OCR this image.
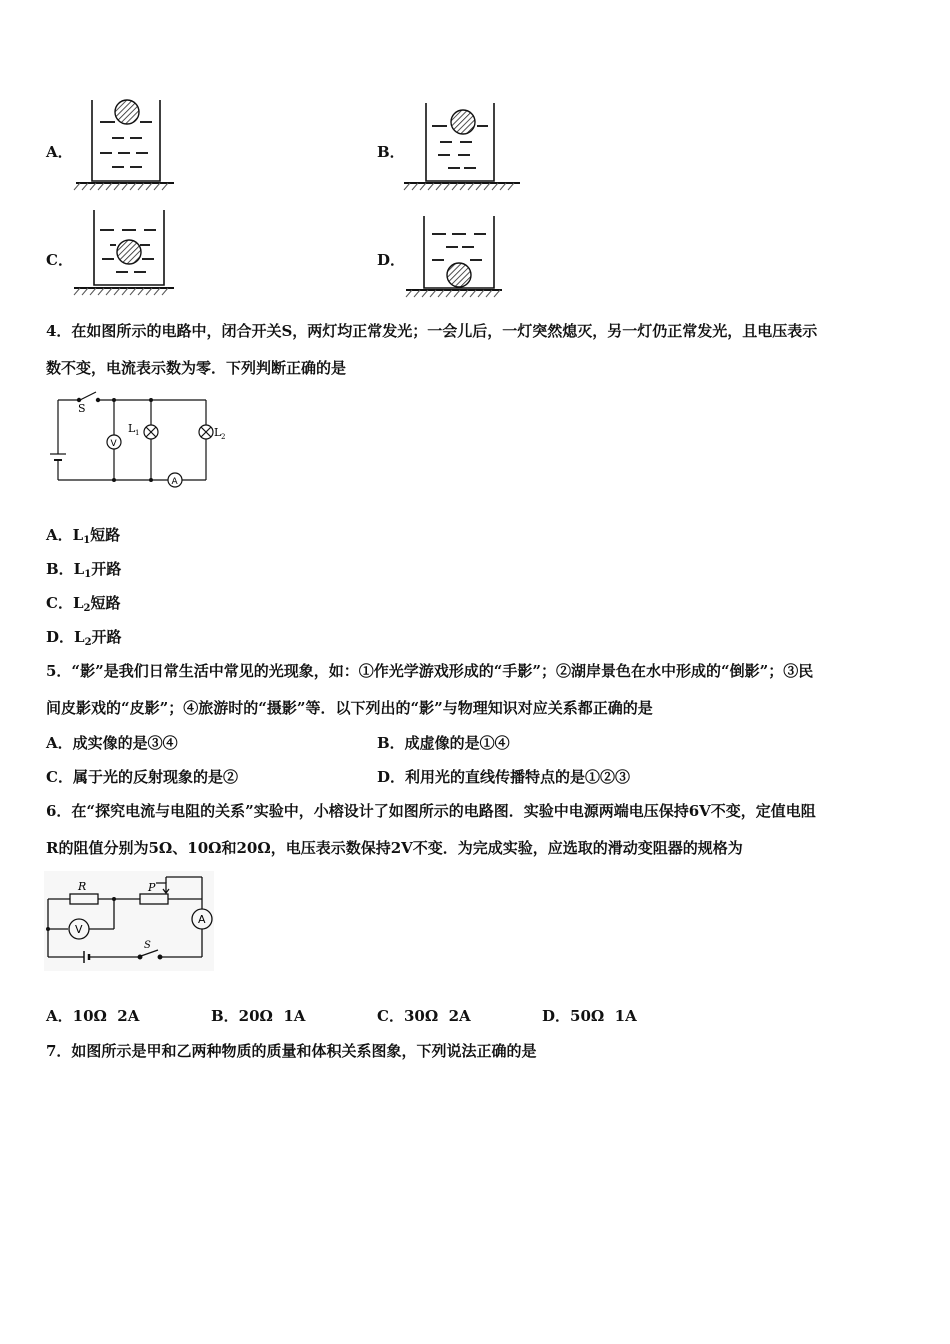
A．	B．
C．	D．
4．在如图所示的电路中，闭合开关S，两灯均正常发光；一会儿后，一灯突然熄灭，另一灯仍正常发光，且电压表示
数不变，电流表示数为零．下列判断正确的是
S
V
L 1	L 2
A
A．$L_1$短路
B．$L_1$开路
C．$L_2$短路
D．$L_2$开路
5．“影”是我们日常生活中常见的光现象，如：①作光学游戏形成的“手影”；②湖岸景色在水中形成的“倒影”；③民
间皮影戏的“皮影”；④旅游时的“摄影”等．以下列出的“影”与物理知识对应关系都正确的是
A．成实像的是③④	B．成虚像的是①④
C．属于光的反射现象的是②	D．利用光的直线传播特点的是①②③
6．在“探究电流与电阻的关系”实验中，小榕设计了如图所示的电路图．实验中电源两端电压保持6V不变，定值电阻
R的阻值分别为5Ω、10Ω和20Ω，电压表示数保持2V不变．为完成实验，应选取的滑动变阻器的规格为
R	P
V
A
S
A．10Ω  2A	B．20Ω  1A	C．30Ω  2A	D．50Ω  1A
7．如图所示是甲和乙两种物质的质量和体积关系图象，下列说法正确的是
